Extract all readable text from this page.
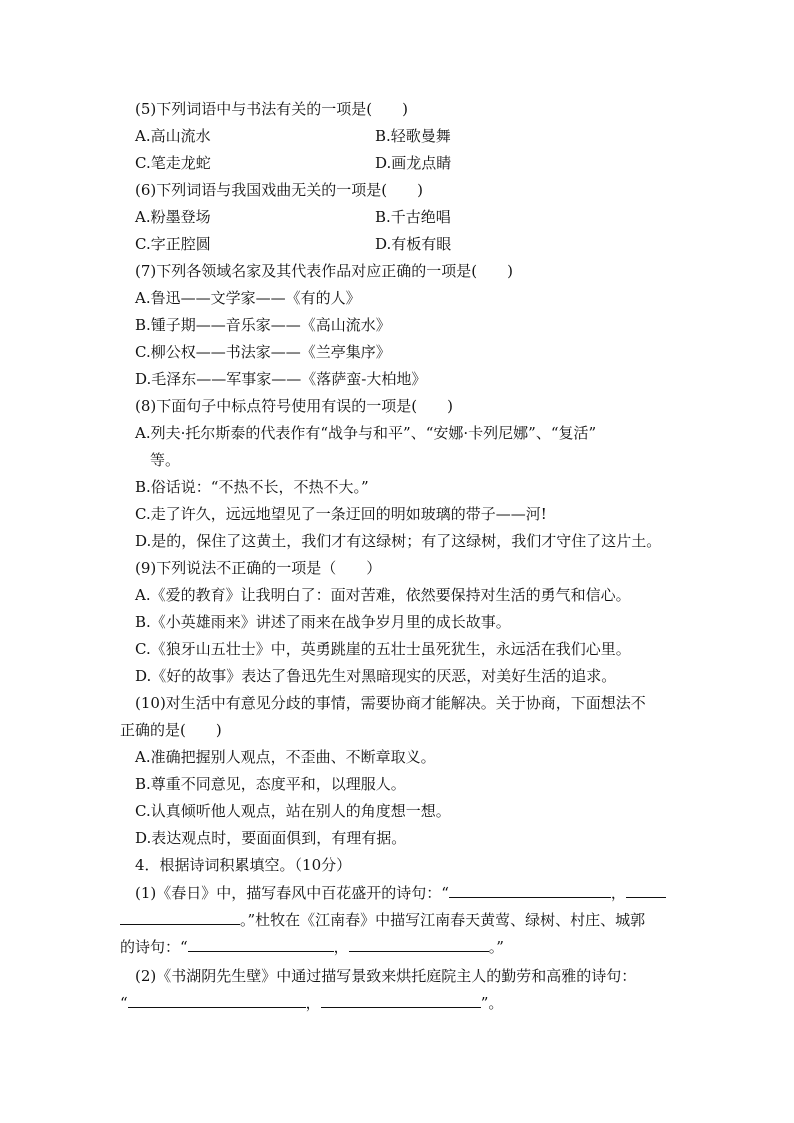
(5)下列词语中与书法有关的一项是(　　)
A.高山流水	B.轻歌曼舞
C.笔走龙蛇	D.画龙点睛
(6)下列词语与我国戏曲无关的一项是(　　)
A.粉墨登场	B.千古绝唱
C.字正腔圆	D.有板有眼
(7)下列各领域名家及其代表作品对应正确的一项是(　　)
A.鲁迅——文学家——《有的人》
B.锺子期——音乐家——《高山流水》
C.柳公权——书法家——《兰亭集序》
D.毛泽东——军事家——《落萨蛮-大柏地》
(8)下面句子中标点符号使用有误的一项是(　　)
A.列夫·托尔斯泰的代表作有“战争与和平”、“安娜·卡列尼娜”、“复活”
等。
B.俗话说：“不热不长，不热不大。”
C.走了许久，远远地望见了一条迂回的明如玻璃的带子——河!
D.是的，保住了这黄土，我们才有这绿树；有了这绿树，我们才守住了这片土。
(9)下列说法不正确的一项是（　　）
A.《爱的教育》让我明白了：面对苦难，依然要保持对生活的勇气和信心。
B.《小英雄雨来》讲述了雨来在战争岁月里的成长故事。
C.《狼牙山五壮士》中，英勇跳崖的五壮士虽死犹生，永远活在我们心里。
D.《好的故事》表达了鲁迅先生对黑暗现实的厌恶，对美好生活的追求。
(10)对生活中有意见分歧的事情，需要协商才能解决。关于协商，下面想法不
正确的是(　　)
A.准确把握别人观点，不歪曲、不断章取义。
B.尊重不同意见，态度平和，以理服人。
C.认真倾听他人观点，站在别人的角度想一想。
D.表达观点时，要面面俱到，有理有据。
4．根据诗词积累填空。（10分）
(1)《春日》中，描写春风中百花盛开的诗句：“	，
。”杜牧在《江南春》中描写江南春天黄莺、绿树、村庄、城郭
的诗句：“	，	。”
(2)《书湖阴先生壁》中通过描写景致来烘托庭院主人的勤劳和高雅的诗句：
“	，	”。
